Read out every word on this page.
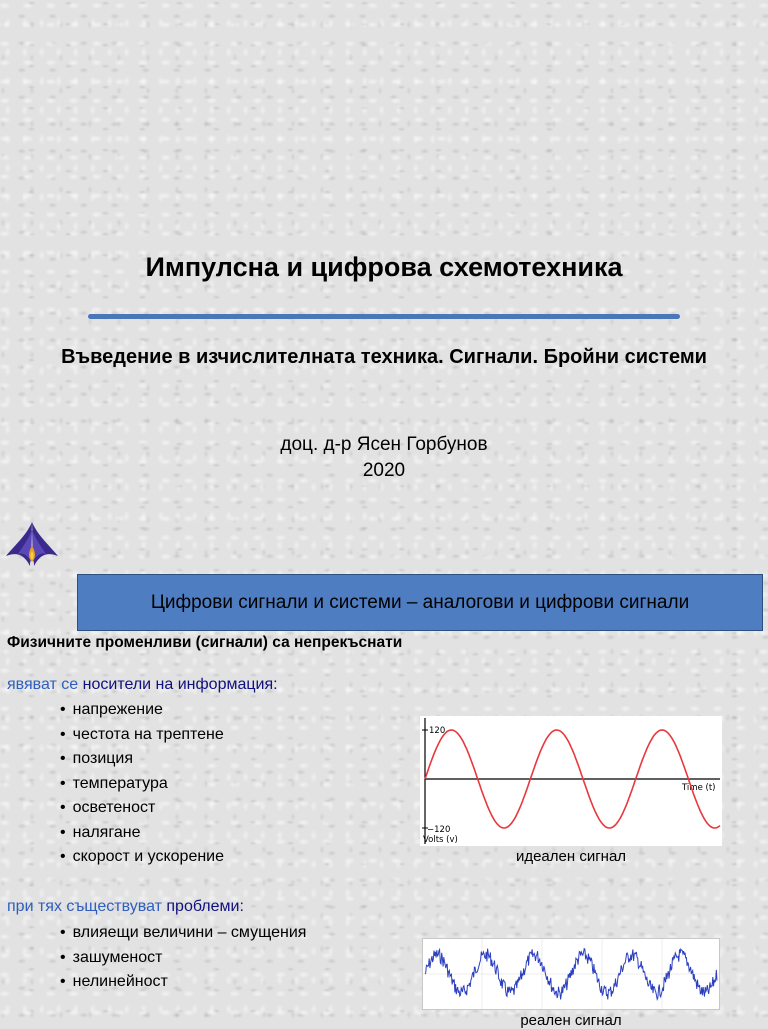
Импулсна и цифрова схемотехника
Въведение в изчислителната техника. Сигнали. Бройни системи
доц. д-р Ясен Горбунов
2020
Цифрови сигнали и системи – аналогови и цифрови сигнали
Физичните променливи (сигнали) са непрекъснати
явяват се носители на информация:
• напрежение
• честота на трептене
• позиция
• температура
• осветеност
• налягане
• скорост и ускорение
при тях съществуват проблеми:
• влияещи величини – смущения
• зашуменост
• нелинейност
120
−120
Volts (v)
Time (t)
идеален сигнал
реален сигнал
